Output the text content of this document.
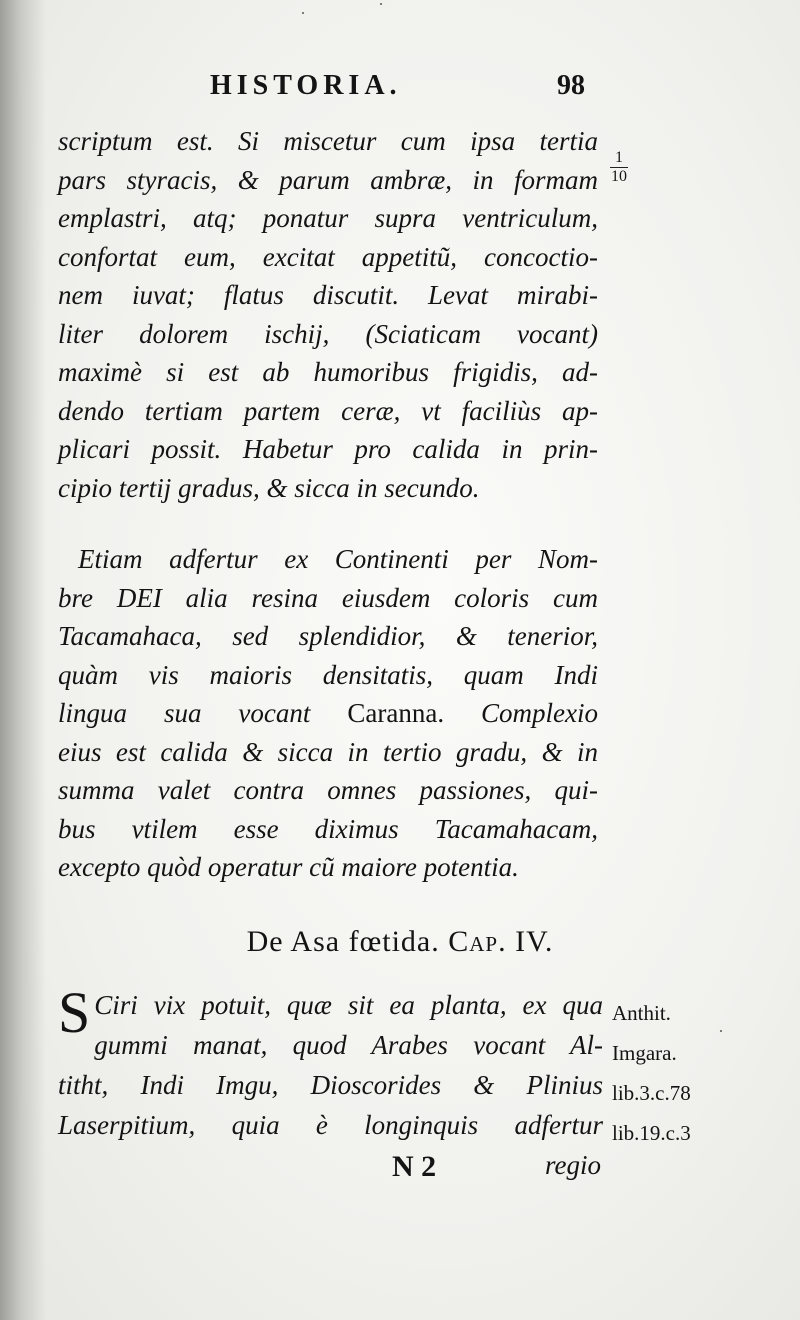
HISTORIA.	98
1
10
scriptum est. Si miscetur cum ipsa tertia
pars styracis, & parum ambræ, in formam
emplastri, atq; ponatur supra ventriculum,
confortat eum, excitat appetitũ, concoctio-
nem iuvat; flatus discutit. Levat mirabi-
liter dolorem ischij, (Sciaticam vocant)
maximè si est ab humoribus frigidis, ad-
dendo tertiam partem ceræ, vt faciliùs ap-
plicari possit. Habetur pro calida in prin-
cipio tertij gradus, & sicca in secundo.
Etiam adfertur ex Continenti per Nom-
bre DEI alia resina eiusdem coloris cum
Tacamahaca, sed splendidior, & tenerior,
quàm vis maioris densitatis, quam Indi
lingua sua vocant Caranna. Complexio
eius est calida & sicca in tertio gradu, & in
summa valet contra omnes passiones, qui-
bus vtilem esse diximus Tacamahacam,
excepto quòd operatur cũ maiore potentia.
De Asa fœtida. Cap. IV.
S Ciri vix potuit, quæ sit ea planta, ex qua
gummi manat, quod Arabes vocant Al-
titht, Indi Imgu, Dioscorides & Plinius
Laserpitium, quia è longinquis adfertur
Anthit.
Imgara.
lib.3.c.78
lib.19.c.3
N 2	regio
